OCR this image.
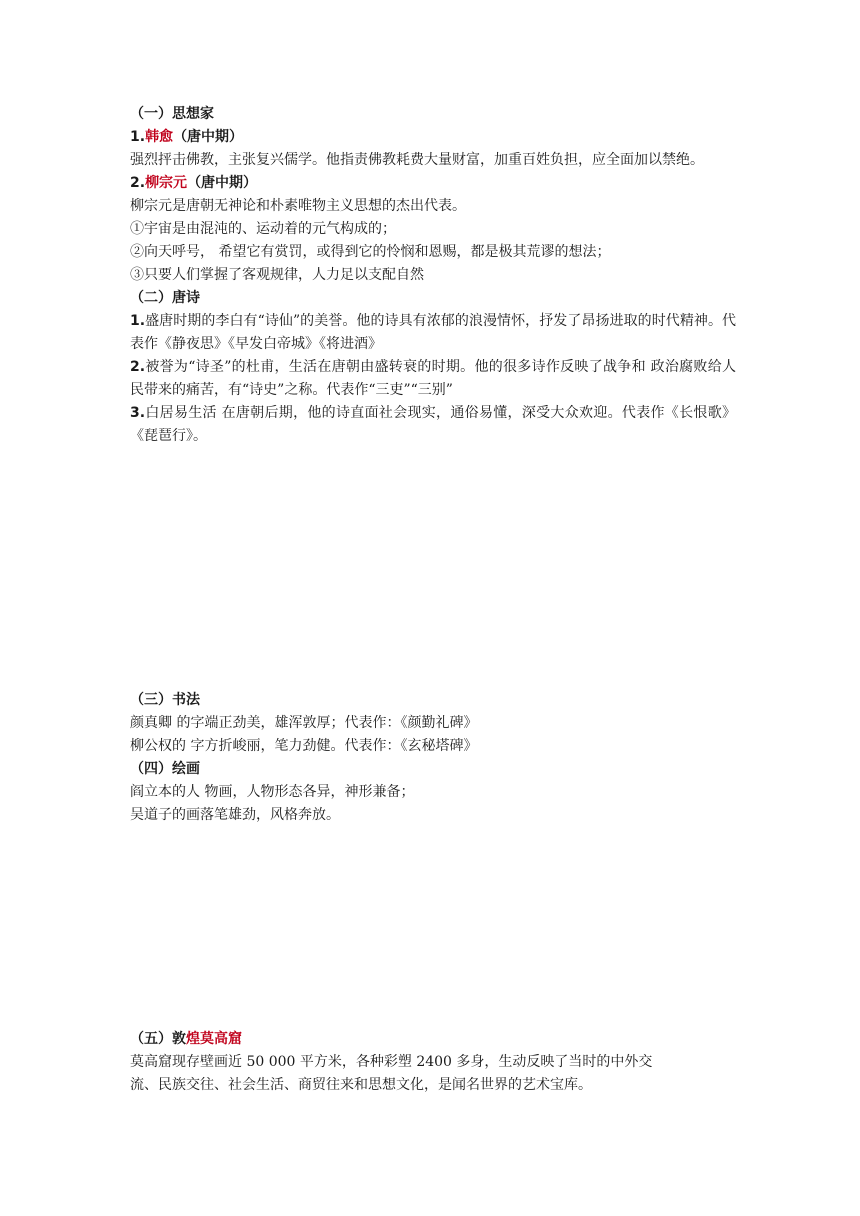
（一）思想家
1.韩愈（唐中期）
强烈抨击佛教，主张复兴儒学。他指责佛教耗费大量财富，加重百姓负担，应全面加以禁绝。
2.柳宗元（唐中期）
柳宗元是唐朝无神论和朴素唯物主义思想的杰出代表。
①宇宙是由混沌的、运动着的元气构成的；
②向天呼号， 希望它有赏罚，或得到它的怜悯和恩赐，都是极其荒谬的想法；
③只要人们掌握了客观规律，人力足以支配自然
（二）唐诗
1.盛唐时期的李白有“诗仙”的美誉。他的诗具有浓郁的浪漫情怀，抒发了昂扬进取的时代精神。代表作《静夜思》《早发白帝城》《将进酒》
2.被誉为“诗圣”的杜甫，生活在唐朝由盛转衰的时期。他的很多诗作反映了战争和 政治腐败给人民带来的痛苦，有“诗史”之称。代表作“三吏”“三别”
3.白居易生活 在唐朝后期，他的诗直面社会现实，通俗易懂，深受大众欢迎。代表作《长恨歌》《琵琶行》。
（三）书法
颜真卿 的字端正劲美，雄浑敦厚；代表作：《颜勤礼碑》
柳公权的 字方折峻丽，笔力劲健。代表作：《玄秘塔碑》
（四）绘画
阎立本的人 物画，人物形态各异，神形兼备；
吴道子的画落笔雄劲，风格奔放。
（五）敦煌莫高窟
莫高窟现存壁画近 50 000 平方米，各种彩塑 2400 多身，生动反映了当时的中外交
流、民族交往、社会生活、商贸往来和思想文化，是闻名世界的艺术宝库。
